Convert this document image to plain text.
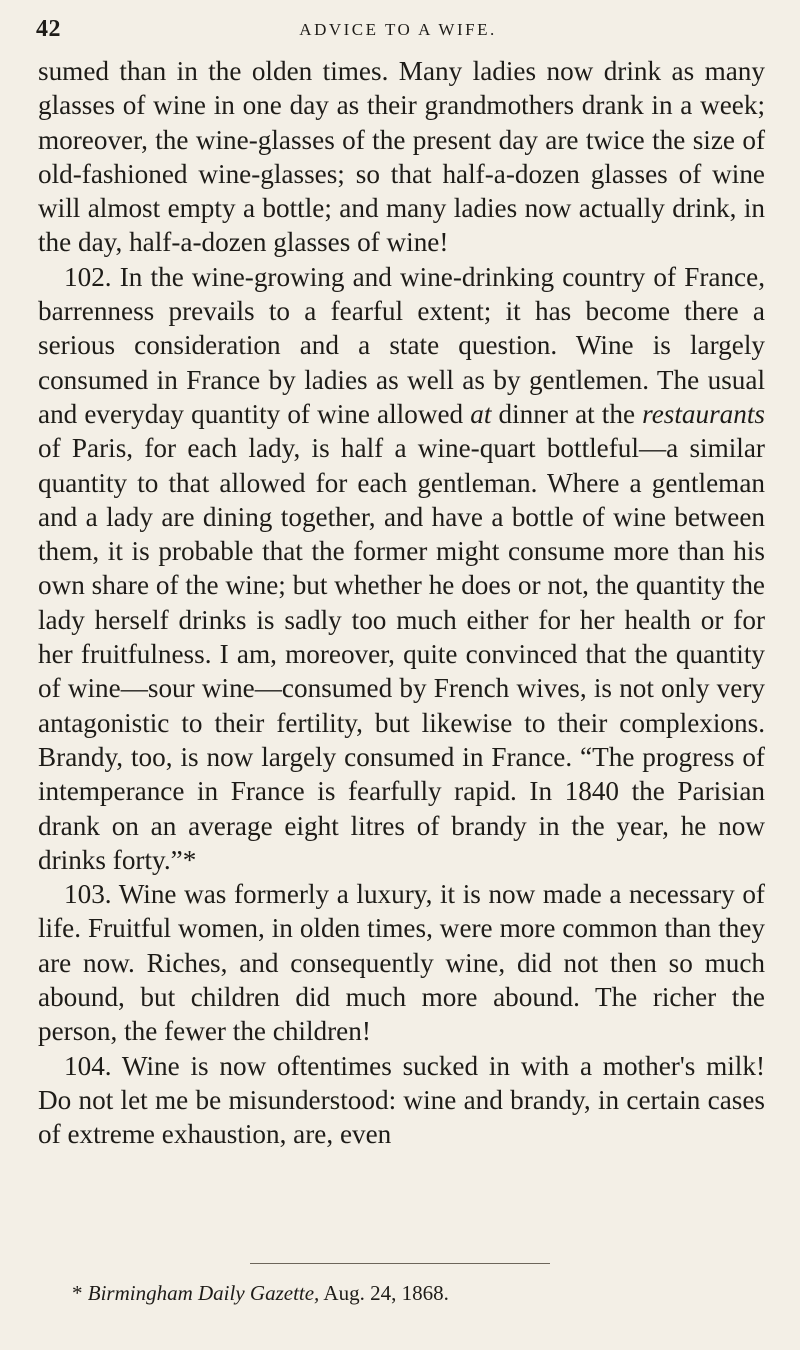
42	ADVICE TO A WIFE.

sumed than in the olden times. Many ladies now drink as many glasses of wine in one day as their grandmothers drank in a week; moreover, the wine-glasses of the present day are twice the size of old-fashioned wine-glasses; so that half-a-dozen glasses of wine will almost empty a bottle; and many ladies now actually drink, in the day, half-a-dozen glasses of wine!

102. In the wine-growing and wine-drinking country of France, barrenness prevails to a fearful extent; it has become there a serious consideration and a state question. Wine is largely consumed in France by ladies as well as by gentlemen. The usual and everyday quantity of wine allowed at dinner at the restaurants of Paris, for each lady, is half a wine-quart bottleful—a similar quantity to that allowed for each gentleman. Where a gentleman and a lady are dining together, and have a bottle of wine between them, it is probable that the former might consume more than his own share of the wine; but whether he does or not, the quantity the lady herself drinks is sadly too much either for her health or for her fruitfulness. I am, moreover, quite convinced that the quantity of wine—sour wine—consumed by French wives, is not only very antagonistic to their fertility, but likewise to their complexions. Brandy, too, is now largely consumed in France. “The progress of intemperance in France is fearfully rapid. In 1840 the Parisian drank on an average eight litres of brandy in the year, he now drinks forty.”*

103. Wine was formerly a luxury, it is now made a necessary of life. Fruitful women, in olden times, were more common than they are now. Riches, and consequently wine, did not then so much abound, but children did much more abound. The richer the person, the fewer the children!

104. Wine is now oftentimes sucked in with a mother's milk! Do not let me be misunderstood: wine and brandy, in certain cases of extreme exhaustion, are, even

* Birmingham Daily Gazette, Aug. 24, 1868.
